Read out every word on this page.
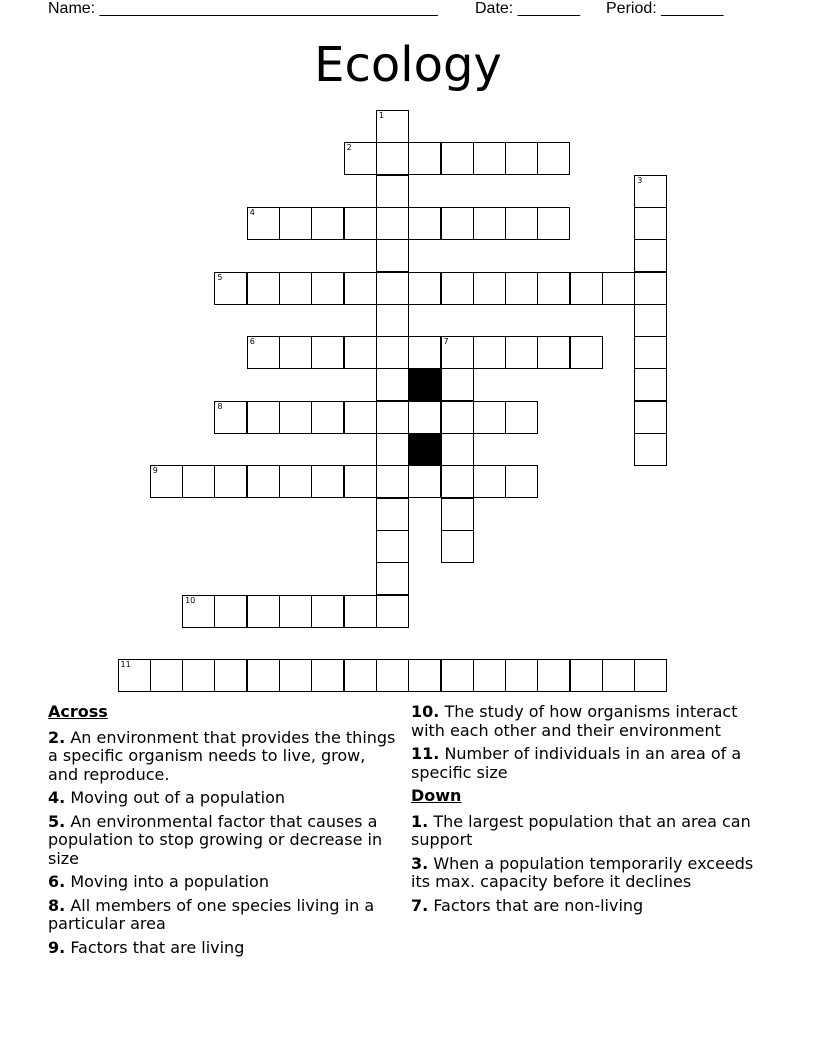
Name: ______________________________________ Date: _______ Period: _______
Ecology
1
2
3
4
5
6	7
8
9
10
11
Across
2. An environment that provides the things a specific organism needs to live, grow, and reproduce.
4. Moving out of a population
5. An environmental factor that causes a population to stop growing or decrease in size
6. Moving into a population
8. All members of one species living in a particular area
9. Factors that are living
10. The study of how organisms interact with each other and their environment
11. Number of individuals in an area of a specific size
Down
1. The largest population that an area can support
3. When a population temporarily exceeds its max. capacity before it declines
7. Factors that are non-living
